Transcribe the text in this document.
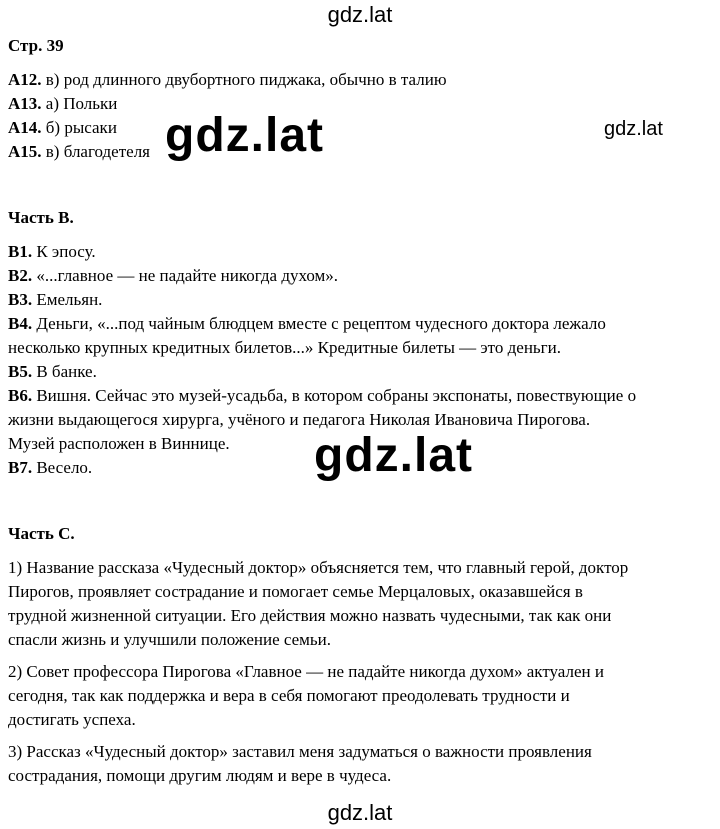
gdz.lat
gdz.lat	gdz.lat
gdz.lat
gdz.lat
Стр. 39
А12. в) род длинного двубортного пиджака, обычно в талию
А13. а) Польки
А14. б) рысаки
А15. в) благодетеля
Часть В.
В1. К эпосу.
В2. «...главное — не падайте никогда духом».
В3. Емельян.
В4. Деньги, «...под чайным блюдцем вместе с рецептом чудесного доктора лежало
несколько крупных кредитных билетов...» Кредитные билеты — это деньги.
В5. В банке.
В6. Вишня. Сейчас это музей-усадьба, в котором собраны экспонаты, повествующие о
жизни выдающегося хирурга, учёного и педагога Николая Ивановича Пирогова.
Музей расположен в Виннице.
В7. Весело.
Часть С.
1) Название рассказа «Чудесный доктор» объясняется тем, что главный герой, доктор
Пирогов, проявляет сострадание и помогает семье Мерцаловых, оказавшейся в
трудной жизненной ситуации. Его действия можно назвать чудесными, так как они
спасли жизнь и улучшили положение семьи.
2) Совет профессора Пирогова «Главное — не падайте никогда духом» актуален и
сегодня, так как поддержка и вера в себя помогают преодолевать трудности и
достигать успеха.
3) Рассказ «Чудесный доктор» заставил меня задуматься о важности проявления
сострадания, помощи другим людям и вере в чудеса.
